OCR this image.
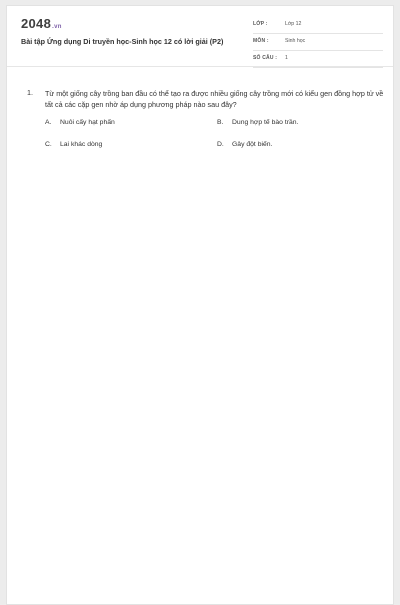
2048.vn
Bài tập Ứng dụng Di truyền học-Sinh học 12 có lời giải (P2)
LỚP :	Lớp 12
MÔN :	Sinh học
SỐ CÂU : 1
1. Từ một giống cây trồng ban đầu có thể tạo ra được nhiều giống cây trồng mới có kiểu gen đồng hợp tử về tất cả các cặp gen nhờ áp dụng phương pháp nào sau đây?
A. Nuôi cấy hạt phấn	B. Dung hợp tế bào trần.
C. Lai khác dòng	D. Gây đột biến.
